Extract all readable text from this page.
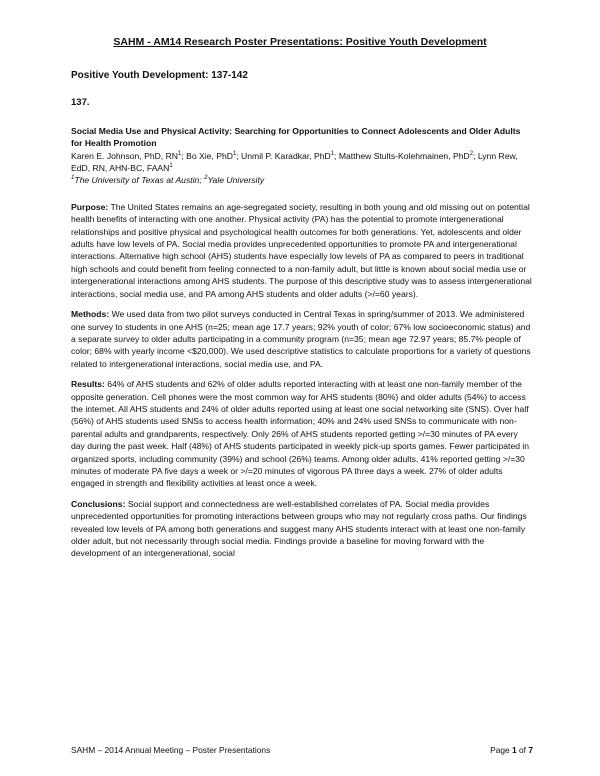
SAHM - AM14 Research Poster Presentations: Positive Youth Development

Positive Youth Development: 137-142

137.

Social Media Use and Physical Activity: Searching for Opportunities to Connect Adolescents and Older Adults for Health Promotion

Karen E. Johnson, PhD, $RN^1$; Bo Xie, PhD$^1$; Unmil P. Karadkar, PhD$^1$; Matthew Stults-Kolehmainen, PhD$^2$; Lynn Rew, EdD, RN, AHN-BC, FAAN$^1$

$^1$The University of Texas at Austin; $^2$Yale University

Purpose: The United States remains an age-segregated society, resulting in both young and old missing out on potential health benefits of interacting with one another. Physical activity (PA) has the potential to promote intergenerational relationships and positive physical and psychological health outcomes for both generations. Yet, adolescents and older adults have low levels of PA. Social media provides unprecedented opportunities to promote PA and intergenerational interactions. Alternative high school (AHS) students have especially low levels of PA as compared to peers in traditional high schools and could benefit from feeling connected to a non-family adult, but little is known about social media use or intergenerational interactions among AHS students. The purpose of this descriptive study was to assess intergenerational interactions, social media use, and PA among AHS students and older adults (>/=60 years).

Methods: We used data from two pilot surveys conducted in Central Texas in spring/summer of 2013. We administered one survey to students in one AHS (n=25; mean age 17.7 years; 92% youth of color; 67% low socioeconomic status) and a separate survey to older adults participating in a community program (n=35; mean age 72.97 years; 85.7% people of color; 68% with yearly income <$20,000). We used descriptive statistics to calculate proportions for a variety of questions related to intergenerational interactions, social media use, and PA.

Results: 64% of AHS students and 62% of older adults reported interacting with at least one non-family member of the opposite generation. Cell phones were the most common way for AHS students (80%) and older adults (54%) to access the internet. All AHS students and 24% of older adults reported using at least one social networking site (SNS). Over half (56%) of AHS students used SNSs to access health information; 40% and 24% used SNSs to communicate with non-parental adults and grandparents, respectively. Only 26% of AHS students reported getting >/=30 minutes of PA every day during the past week. Half (48%) of AHS students participated in weekly pick-up sports games. Fewer participated in organized sports, including community (39%) and school (26%) teams. Among older adults, 41% reported getting >/=30 minutes of moderate PA five days a week or >/=20 minutes of vigorous PA three days a week. 27% of older adults engaged in strength and flexibility activities at least once a week.

Conclusions: Social support and connectedness are well-established correlates of PA. Social media provides unprecedented opportunities for promoting interactions between groups who may not regularly cross paths. Our findings revealed low levels of PA among both generations and suggest many AHS students interact with at least one non-family older adult, but not necessarily through social media. Findings provide a baseline for moving forward with the development of an intergenerational, social

SAHM – 2014 Annual Meeting – Poster Presentations	Page 1 of 7
